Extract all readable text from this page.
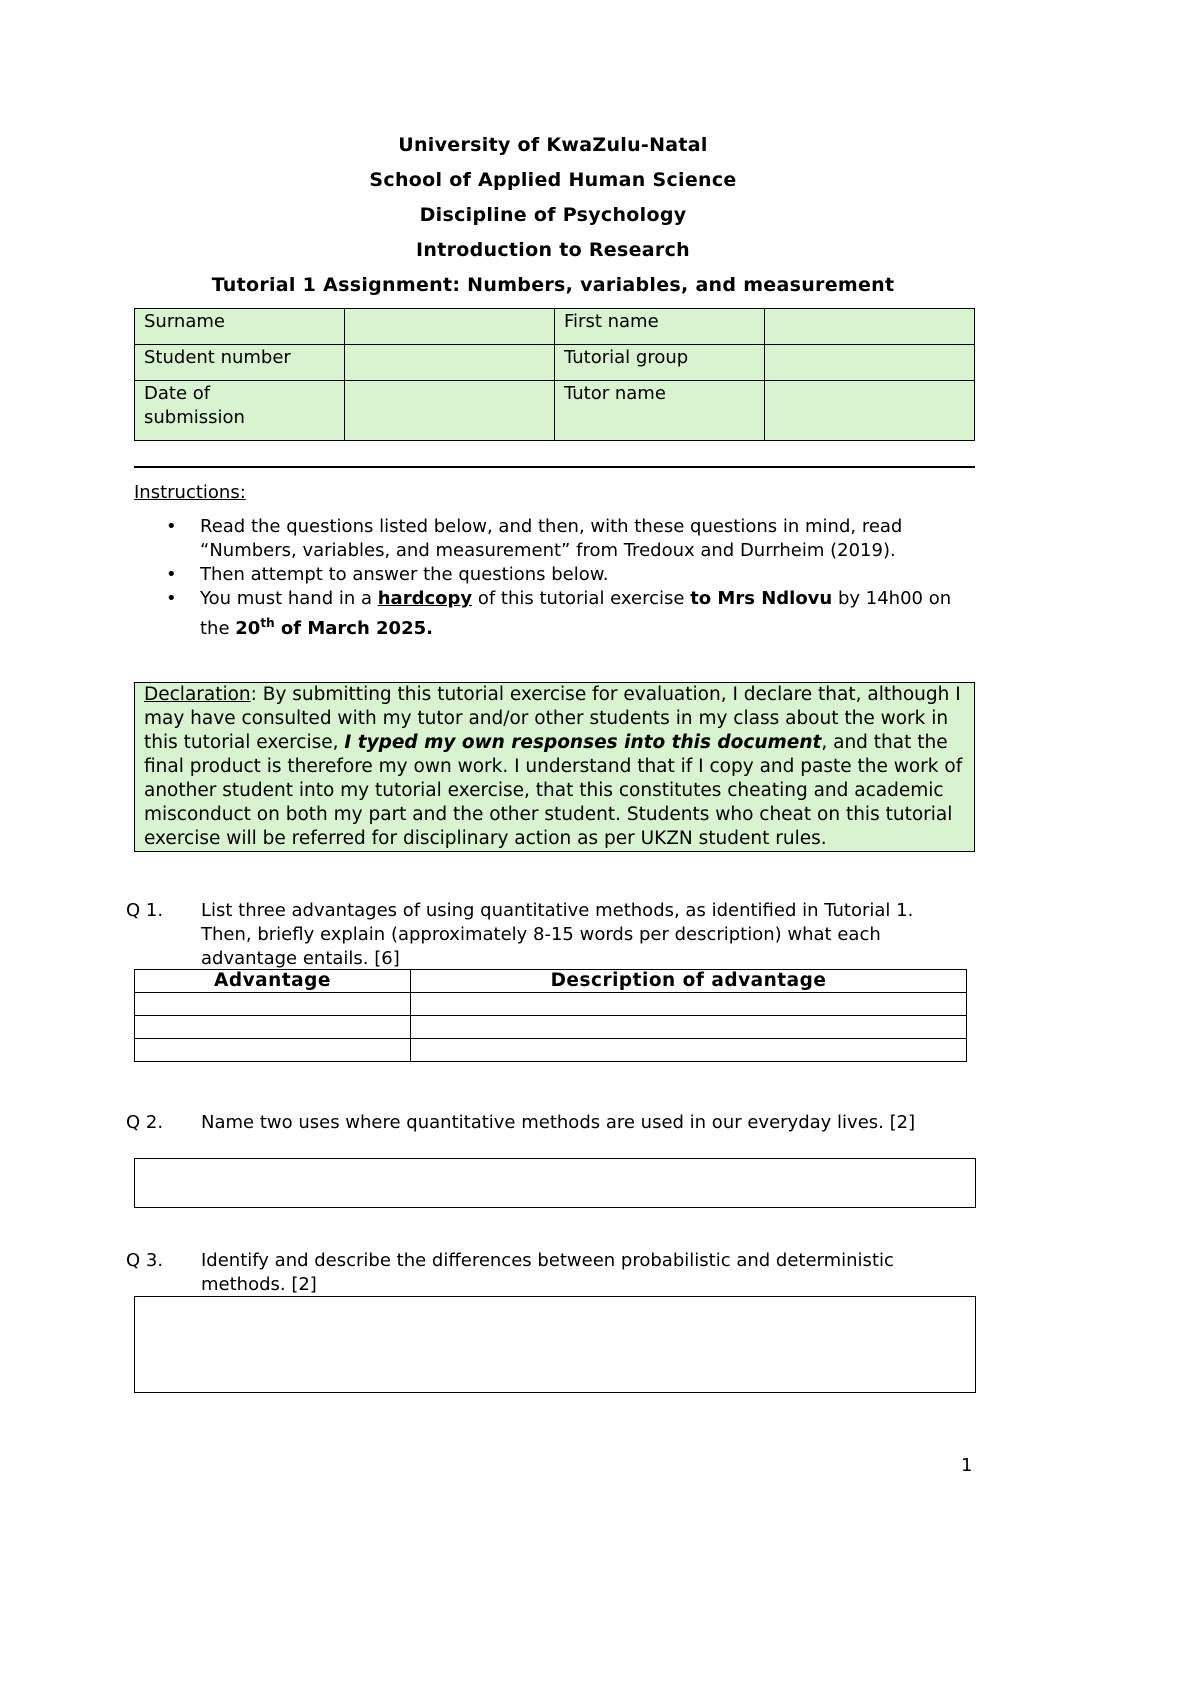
University of KwaZulu-Natal
School of Applied Human Science
Discipline of Psychology
Introduction to Research
Tutorial 1 Assignment: Numbers, variables, and measurement
Surname		First name	
Student number		Tutorial group	
Date of
submission		Tutor name	
Instructions:
• Read the questions listed below, and then, with these questions in mind, read “Numbers, variables, and measurement” from Tredoux and Durrheim (2019).
• Then attempt to answer the questions below.
• You must hand in a hardcopy of this tutorial exercise to Mrs Ndlovu by 14h00 on the 20th of March 2025.
Declaration: By submitting this tutorial exercise for evaluation, I declare that, although I may have consulted with my tutor and/or other students in my class about the work in this tutorial exercise, I typed my own responses into this document, and that the final product is therefore my own work. I understand that if I copy and paste the work of another student into my tutorial exercise, that this constitutes cheating and academic misconduct on both my part and the other student. Students who cheat on this tutorial exercise will be referred for disciplinary action as per UKZN student rules.
Q 1. List three advantages of using quantitative methods, as identified in Tutorial 1. Then, briefly explain (approximately 8-15 words per description) what each advantage entails. [6]
Advantage	Description of advantage

Q 2. Name two uses where quantitative methods are used in our everyday lives. [2]
Q 3. Identify and describe the differences between probabilistic and deterministic methods. [2]
1
